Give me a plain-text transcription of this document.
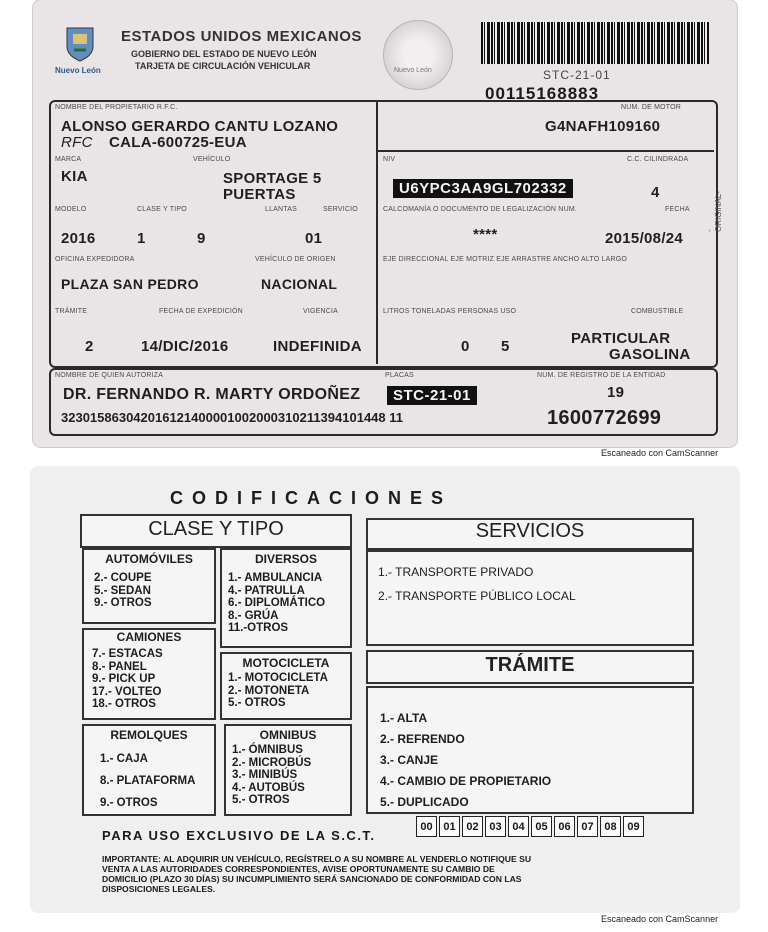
Nuevo León
ESTADOS UNIDOS MEXICANOS
GOBIERNO DEL ESTADO DE NUEVO LEÓN
TARJETA DE CIRCULACIÓN VEHICULAR	Nuevo León	STC-21-01
00115168883
NOMBRE DEL PROPIETARIO R.F.C.	NUM. DE MOTOR
ALONSO GERARDO CANTU LOZANO
RFC CALA-600725-EUA
G4NAFH109160
MARCA	VEHÍCULO	NIV	C.C. CILINDRADA
KIA	SPORTAGE 5
PUERTAS	U6YPC3AA9GL702332	4
MODELO	CLASE Y TIPO	LLANTAS	SERVICIO	CALCOMANÍA O DOCUMENTO DE LEGALIZACIÓN NUM.	FECHA
2016	1	9	01	****	2015/08/24
OFICINA EXPEDIDORA	VEHÍCULO DE ORIGEN	EJE DIRECCIONAL EJE MOTRIZ EJE ARRASTRE ANCHO ALTO LARGO
PLAZA SAN PEDRO	NACIONAL
TRÁMITE	FECHA DE EXPEDICIÓN	VIGENCIA	LITROS TONELADAS PERSONAS USO	COMBUSTIBLE
2	14/DIC/2016	INDEFINIDA	0 5	PARTICULAR
GASOLINA
-ORIGINAL-
NOMBRE DE QUIEN AUTORIZA	PLACAS	NUM. DE REGISTRO DE LA ENTIDAD
DR. FERNANDO R. MARTY ORDOÑEZ	STC-21-01	19
323015863042016121400001002000310211394101448 11	1600772699
Escaneado con CamScanner
CODIFICACIONES
CLASE Y TIPO	SERVICIOS
AUTOMÓVILES
2.- COUPE
5.- SEDAN
9.- OTROS
DIVERSOS
1.- AMBULANCIA
4.- PATRULLA
6.- DIPLOMÁTICO
8.- GRÚA
11.-OTROS
CAMIONES
7.- ESTACAS
8.- PANEL
9.- PICK UP
17.- VOLTEO
18.- OTROS
MOTOCICLETA
1.- MOTOCICLETA
2.- MOTONETA
5.- OTROS
REMOLQUES
1.- CAJA
8.- PLATAFORMA
9.- OTROS
OMNIBUS
1.- ÓMNIBUS
2.- MICROBÚS
3.- MINIBÚS
4.- AUTOBÚS
5.- OTROS
1.- TRANSPORTE PRIVADO
2.- TRANSPORTE PÚBLICO LOCAL
TRÁMITE
1.- ALTA
2.- REFRENDO
3.- CANJE
4.- CAMBIO DE PROPIETARIO
5.- DUPLICADO
PARA USO EXCLUSIVO DE LA S.C.T.
00 01 02 03 04 05 06 07 08 09
IMPORTANTE: AL ADQUIRIR UN VEHÍCULO, REGÍSTRELO A SU NOMBRE AL VENDERLO NOTIFIQUE SU
VENTA A LAS AUTORIDADES CORRESPONDIENTES, AVISE OPORTUNAMENTE SU CAMBIO DE
DOMICILIO (PLAZO 30 DÍAS) SU INCUMPLIMIENTO SERÁ SANCIONADO DE CONFORMIDAD CON LAS
DISPOSICIONES LEGALES.
Escaneado con CamScanner
